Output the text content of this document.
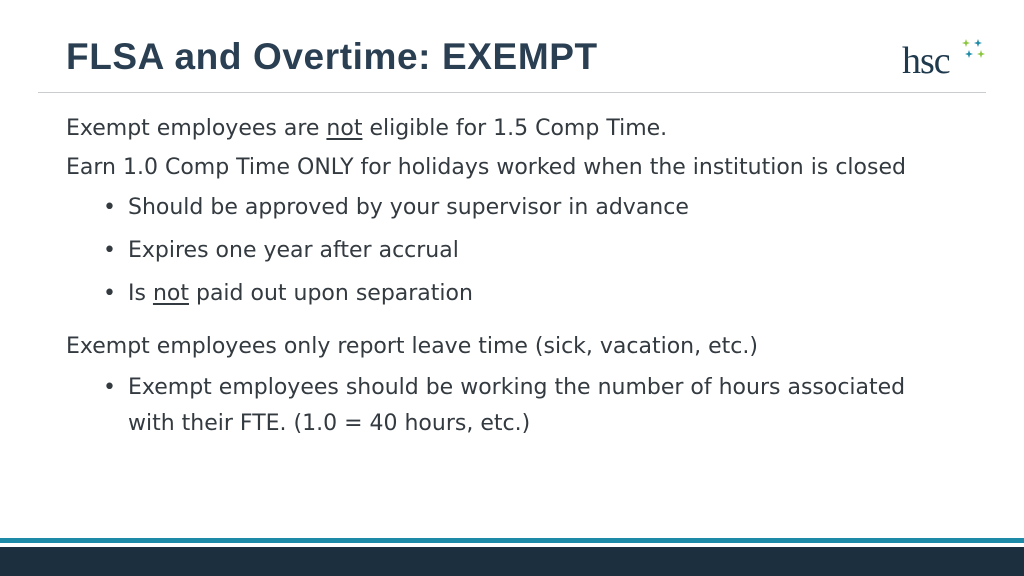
FLSA and Overtime: EXEMPT	hsc

Exempt employees are not eligible for 1.5 Comp Time.

Earn 1.0 Comp Time ONLY for holidays worked when the institution is closed

• Should be approved by your supervisor in advance
• Expires one year after accrual
• Is not paid out upon separation

Exempt employees only report leave time (sick, vacation, etc.)

• Exempt employees should be working the number of hours associated with their FTE. (1.0 = 40 hours, etc.)
